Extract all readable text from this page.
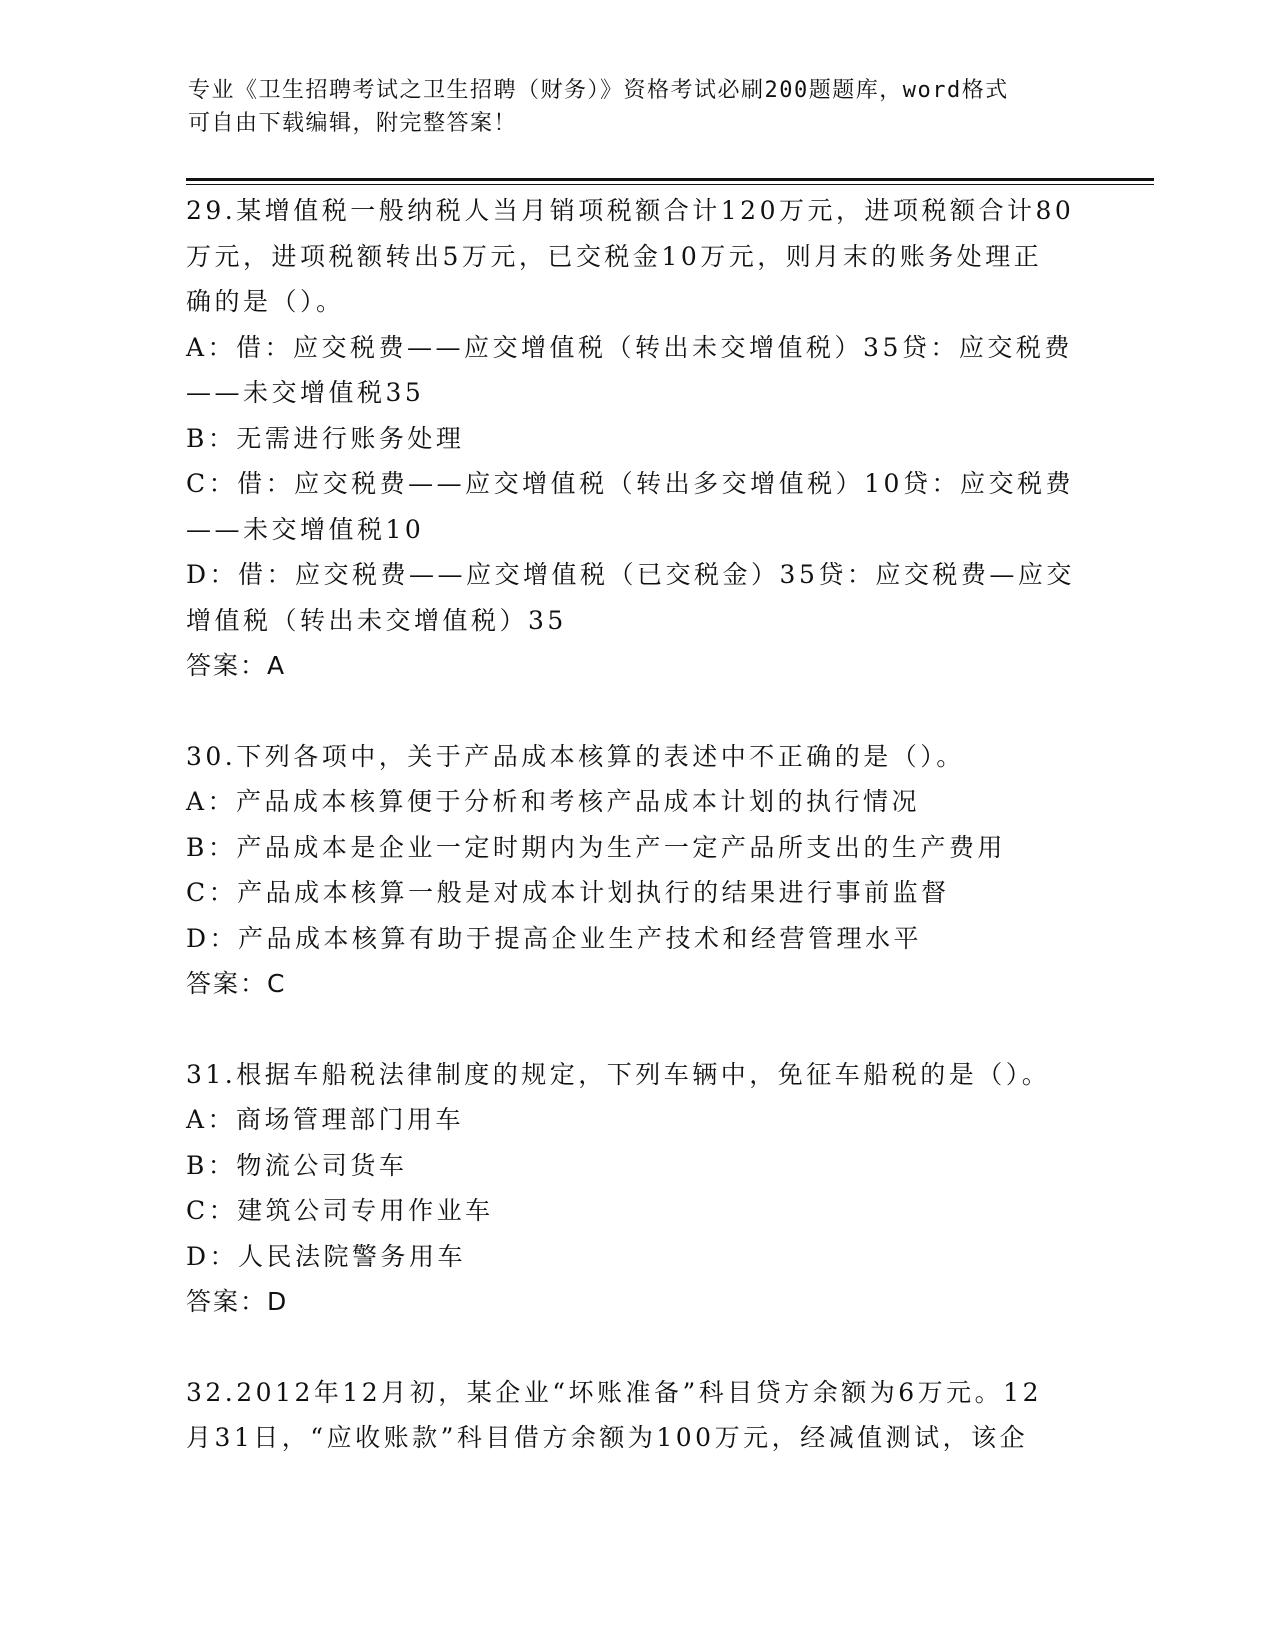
专业《卫生招聘考试之卫生招聘（财务）》资格考试必刷200题题库，word格式
可自由下载编辑，附完整答案！
29.某增值税一般纳税人当月销项税额合计120万元，进项税额合计80
万元，进项税额转出5万元，已交税金10万元，则月末的账务处理正
确的是（）。
A：借：应交税费——应交增值税（转出未交增值税）35贷：应交税费
——未交增值税35
B：无需进行账务处理
C：借：应交税费——应交增值税（转出多交增值税）10贷：应交税费
——未交增值税10
D：借：应交税费——应交增值税（已交税金）35贷：应交税费—应交
增值税（转出未交增值税）35
答案：A
30.下列各项中，关于产品成本核算的表述中不正确的是（）。
A：产品成本核算便于分析和考核产品成本计划的执行情况
B：产品成本是企业一定时期内为生产一定产品所支出的生产费用
C：产品成本核算一般是对成本计划执行的结果进行事前监督
D：产品成本核算有助于提高企业生产技术和经营管理水平
答案：C
31.根据车船税法律制度的规定，下列车辆中，免征车船税的是（）。
A：商场管理部门用车
B：物流公司货车
C：建筑公司专用作业车
D：人民法院警务用车
答案：D
32.2012年12月初，某企业“坏账准备”科目贷方余额为6万元。12
月31日，“应收账款”科目借方余额为100万元，经减值测试，该企
